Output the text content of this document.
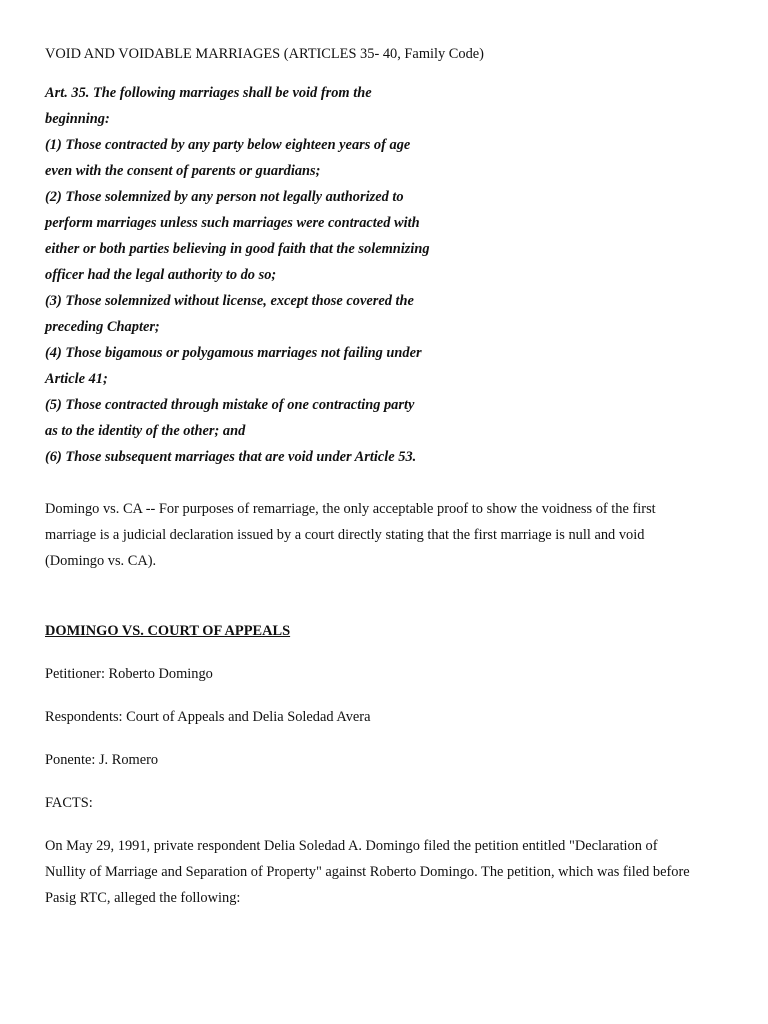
VOID AND VOIDABLE MARRIAGES (ARTICLES 35- 40, Family Code)
Art. 35. The following marriages shall be void from the
beginning:
(1) Those contracted by any party below eighteen years of age
even with the consent of parents or guardians;
(2) Those solemnized by any person not legally authorized to
perform marriages unless such marriages were contracted with
either or both parties believing in good faith that the solemnizing
officer had the legal authority to do so;
(3) Those solemnized without license, except those covered the
preceding Chapter;
(4) Those bigamous or polygamous marriages not failing under
Article 41;
(5) Those contracted through mistake of one contracting party
as to the identity of the other; and
(6) Those subsequent marriages that are void under Article 53.
Domingo vs. CA -- For purposes of remarriage, the only acceptable proof to show the voidness of the first
marriage is a judicial declaration issued by a court directly stating that the first marriage is null and void
(Domingo vs. CA).
DOMINGO VS. COURT OF APPEALS
Petitioner: Roberto Domingo
Respondents: Court of Appeals and Delia Soledad Avera
Ponente: J. Romero
FACTS:
On May 29, 1991, private respondent Delia Soledad A. Domingo filed the petition entitled "Declaration of
Nullity of Marriage and Separation of Property" against Roberto Domingo. The petition, which was filed before
Pasig RTC, alleged the following:
